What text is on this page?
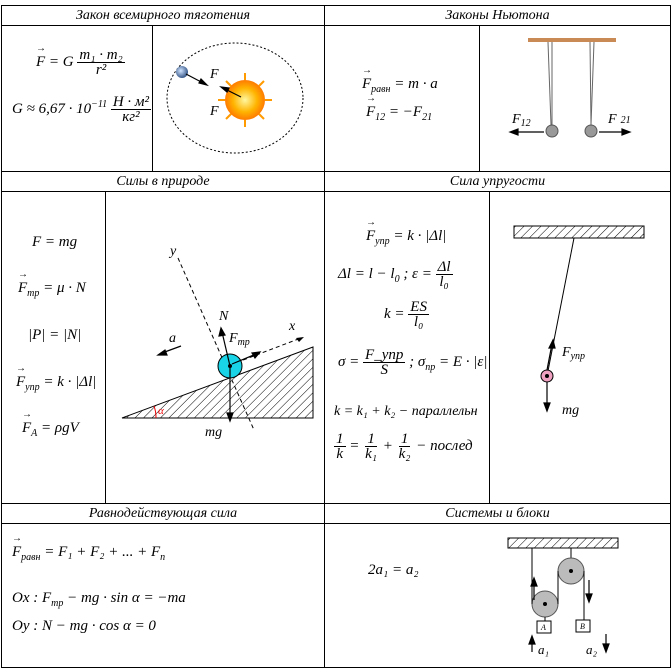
Закон всемирного тяготения	Законы Ньютона
Силы в природе	Сила упругости
Равнодействующая сила	Системы и блоки
→ F = G $\frac{\text{m₁ · m₂}}{\text{r²}}$
$G \approx 6,67 \cdot 10^{-11} \frac{\text{Н · м²}}{\text{кг²}}$
F
F
→ $F_{равн} = m \cdot a$
→ $F_{12} = -F_{21}$	$F_{12}$	F 21
F = mg
→ $F_{тр} = \mu \cdot N$
|P| = |N|
→ $F_{упр} = k \cdot |\Delta l|$
→ $F_A = \rho gV$
α
y
x
a
N
$F_{тр}$
mg
→ $F_{упр} = k \cdot |\Delta l|$
$\Delta l = l - l_0$ ; $\varepsilon = \frac{\Delta l}{\text{l₀}}$
$k = \frac{ES}{\text{l₀}}$
$\sigma = \frac{\text{F\_упр}}{S}$ ; $\sigma_{пр} = E \cdot |\varepsilon|$
k = k₁ + k₂ − параллельн
$\frac{1}{k} = \frac{1}{\text{k₁}} + \frac{1}{\text{k₂}}$ − послед
$F_{упр}$
mg
→ $F_{равн} = F_1 + F_2$ + ... + $F_n$
Ox : $F_{тр}$ − mg · sin α = −ma
Oy : N − mg · cos α = 0
2a₁ = a₂
A	B
a₁	a₂
